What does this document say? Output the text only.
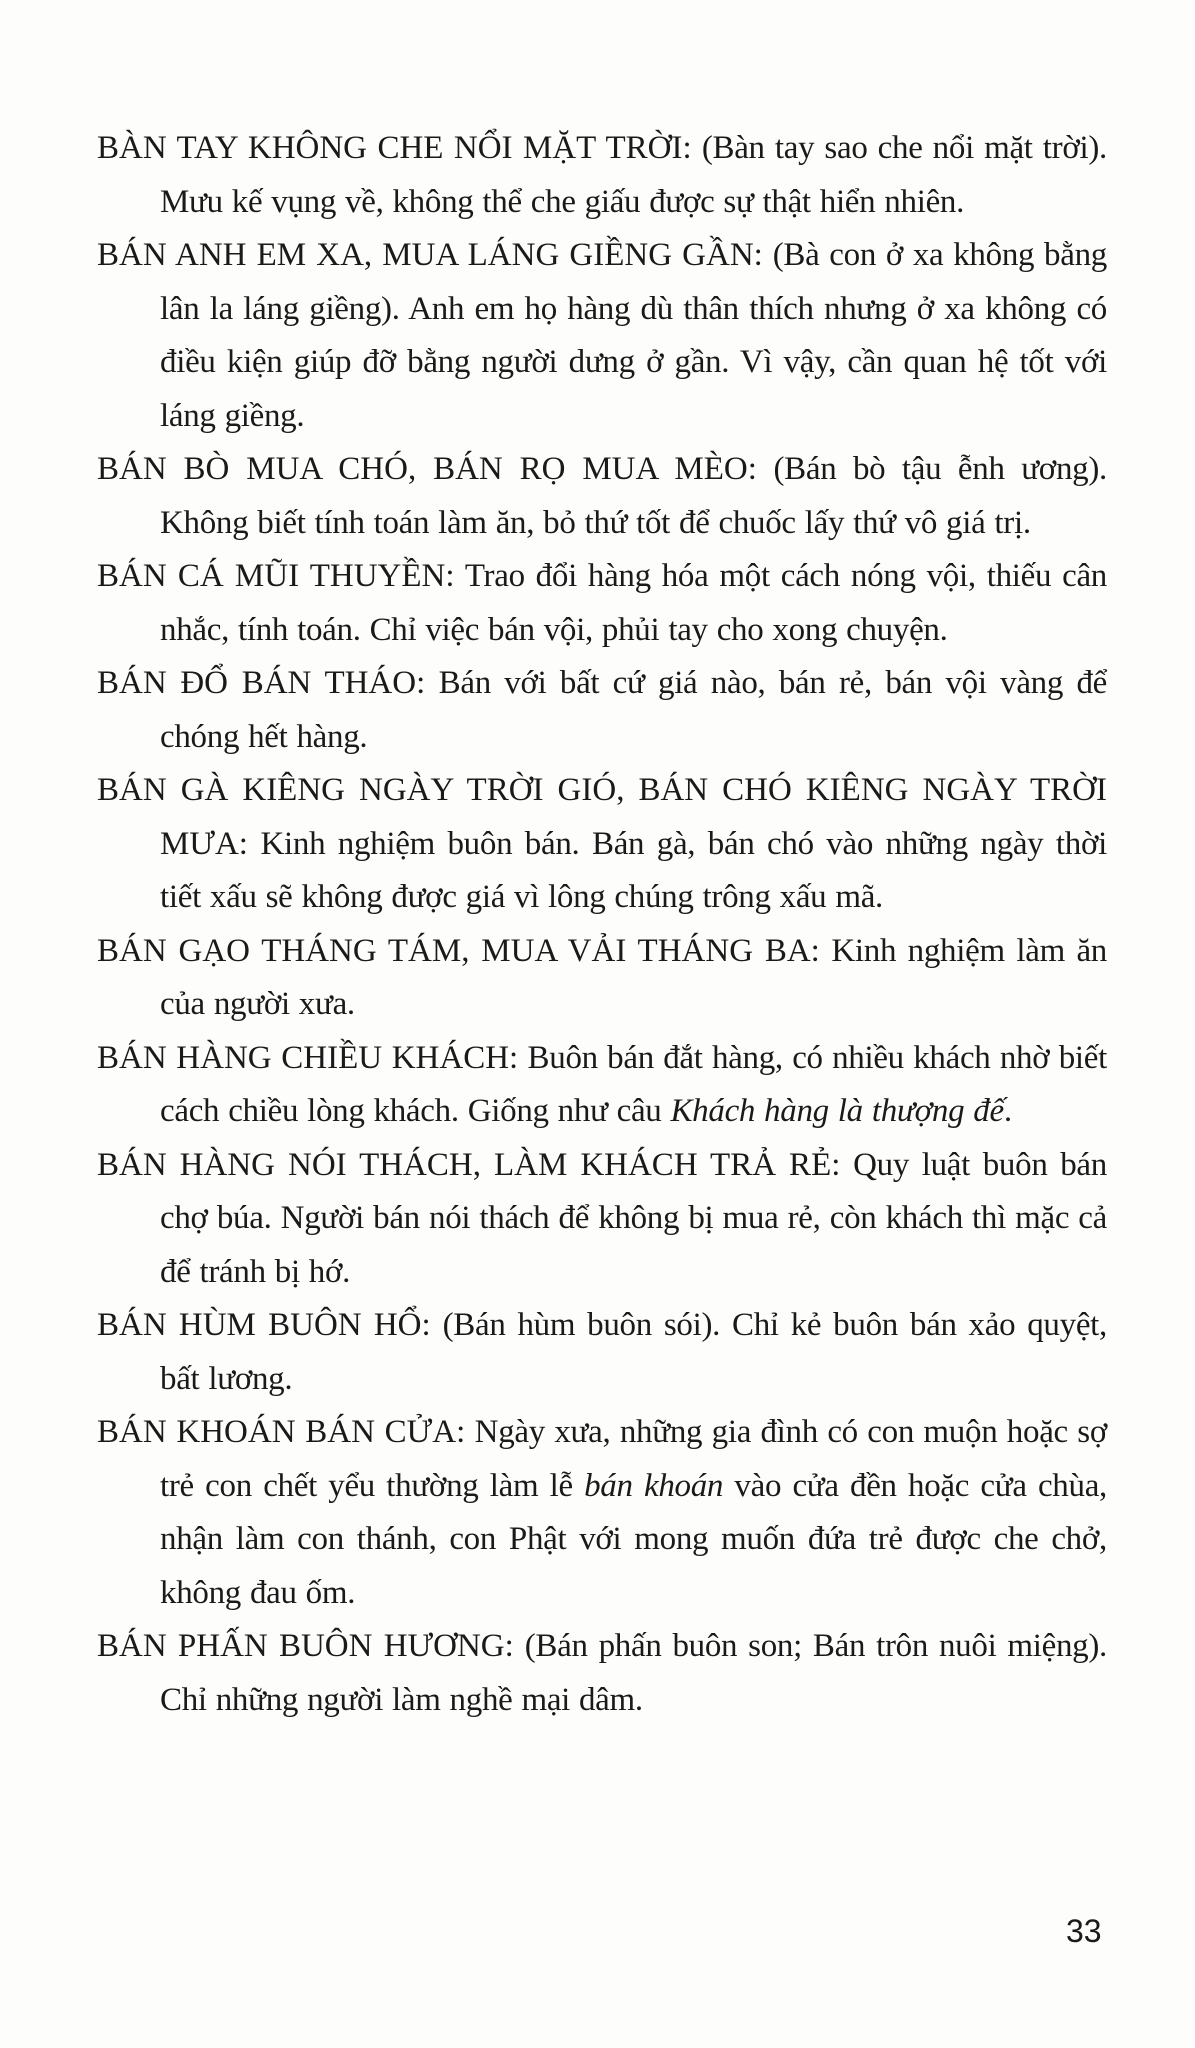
BÀN TAY KHÔNG CHE NỔI MẶT TRỜI: (Bàn tay sao che nổi mặt trời). Mưu kế vụng về, không thể che giấu được sự thật hiển nhiên.

BÁN ANH EM XA, MUA LÁNG GIỀNG GẦN: (Bà con ở xa không bằng lân la láng giềng). Anh em họ hàng dù thân thích nhưng ở xa không có điều kiện giúp đỡ bằng người dưng ở gần. Vì vậy, cần quan hệ tốt với láng giềng.

BÁN BÒ MUA CHÓ, BÁN RỌ MUA MÈO: (Bán bò tậu ễnh ương). Không biết tính toán làm ăn, bỏ thứ tốt để chuốc lấy thứ vô giá trị.

BÁN CÁ MŨI THUYỀN: Trao đổi hàng hóa một cách nóng vội, thiếu cân nhắc, tính toán. Chỉ việc bán vội, phủi tay cho xong chuyện.

BÁN ĐỔ BÁN THÁO: Bán với bất cứ giá nào, bán rẻ, bán vội vàng để chóng hết hàng.

BÁN GÀ KIÊNG NGÀY TRỜI GIÓ, BÁN CHÓ KIÊNG NGÀY TRỜI MƯA: Kinh nghiệm buôn bán. Bán gà, bán chó vào những ngày thời tiết xấu sẽ không được giá vì lông chúng trông xấu mã.

BÁN GẠO THÁNG TÁM, MUA VẢI THÁNG BA: Kinh nghiệm làm ăn của người xưa.

BÁN HÀNG CHIỀU KHÁCH: Buôn bán đắt hàng, có nhiều khách nhờ biết cách chiều lòng khách. Giống như câu Khách hàng là thượng đế.

BÁN HÀNG NÓI THÁCH, LÀM KHÁCH TRẢ RẺ: Quy luật buôn bán chợ búa. Người bán nói thách để không bị mua rẻ, còn khách thì mặc cả để tránh bị hớ.

BÁN HÙM BUÔN HỔ: (Bán hùm buôn sói). Chỉ kẻ buôn bán xảo quyệt, bất lương.

BÁN KHOÁN BÁN CỬA: Ngày xưa, những gia đình có con muộn hoặc sợ trẻ con chết yểu thường làm lễ bán khoán vào cửa đền hoặc cửa chùa, nhận làm con thánh, con Phật với mong muốn đứa trẻ được che chở, không đau ốm.

BÁN PHẤN BUÔN HƯƠNG: (Bán phấn buôn son; Bán trôn nuôi miệng). Chỉ những người làm nghề mại dâm.

33
